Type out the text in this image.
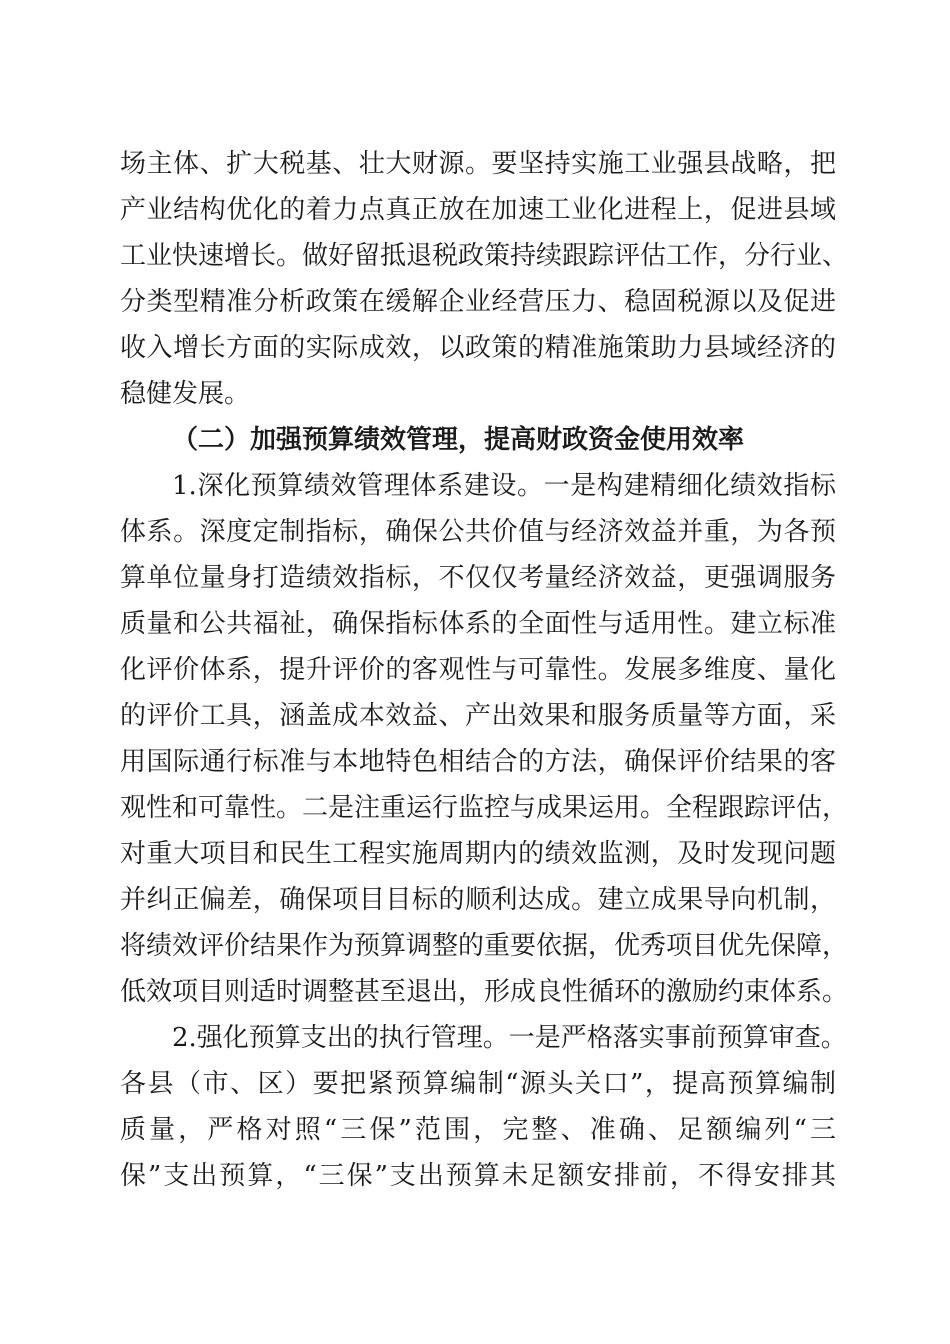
场主体、扩大税基、壮大财源。要坚持实施工业强县战略，把
产业结构优化的着力点真正放在加速工业化进程上，促进县域
工业快速增长。做好留抵退税政策持续跟踪评估工作，分行业、
分类型精准分析政策在缓解企业经营压力、稳固税源以及促进
收入增长方面的实际成效，以政策的精准施策助力县域经济的
稳健发展。
（二）加强预算绩效管理，提高财政资金使用效率
1.深化预算绩效管理体系建设。一是构建精细化绩效指标
体系。深度定制指标，确保公共价值与经济效益并重，为各预
算单位量身打造绩效指标，不仅仅考量经济效益，更强调服务
质量和公共福祉，确保指标体系的全面性与适用性。建立标准
化评价体系，提升评价的客观性与可靠性。发展多维度、量化
的评价工具，涵盖成本效益、产出效果和服务质量等方面，采
用国际通行标准与本地特色相结合的方法，确保评价结果的客
观性和可靠性。二是注重运行监控与成果运用。全程跟踪评估，
对重大项目和民生工程实施周期内的绩效监测，及时发现问题
并纠正偏差，确保项目目标的顺利达成。建立成果导向机制，
将绩效评价结果作为预算调整的重要依据，优秀项目优先保障，
低效项目则适时调整甚至退出，形成良性循环的激励约束体系。
2.强化预算支出的执行管理。一是严格落实事前预算审查。
各县（市、区）要把紧预算编制“源头关口”，提高预算编制
质量，严格对照“三保”范围，完整、准确、足额编列“三
保”支出预算，“三保”支出预算未足额安排前，不得安排其
